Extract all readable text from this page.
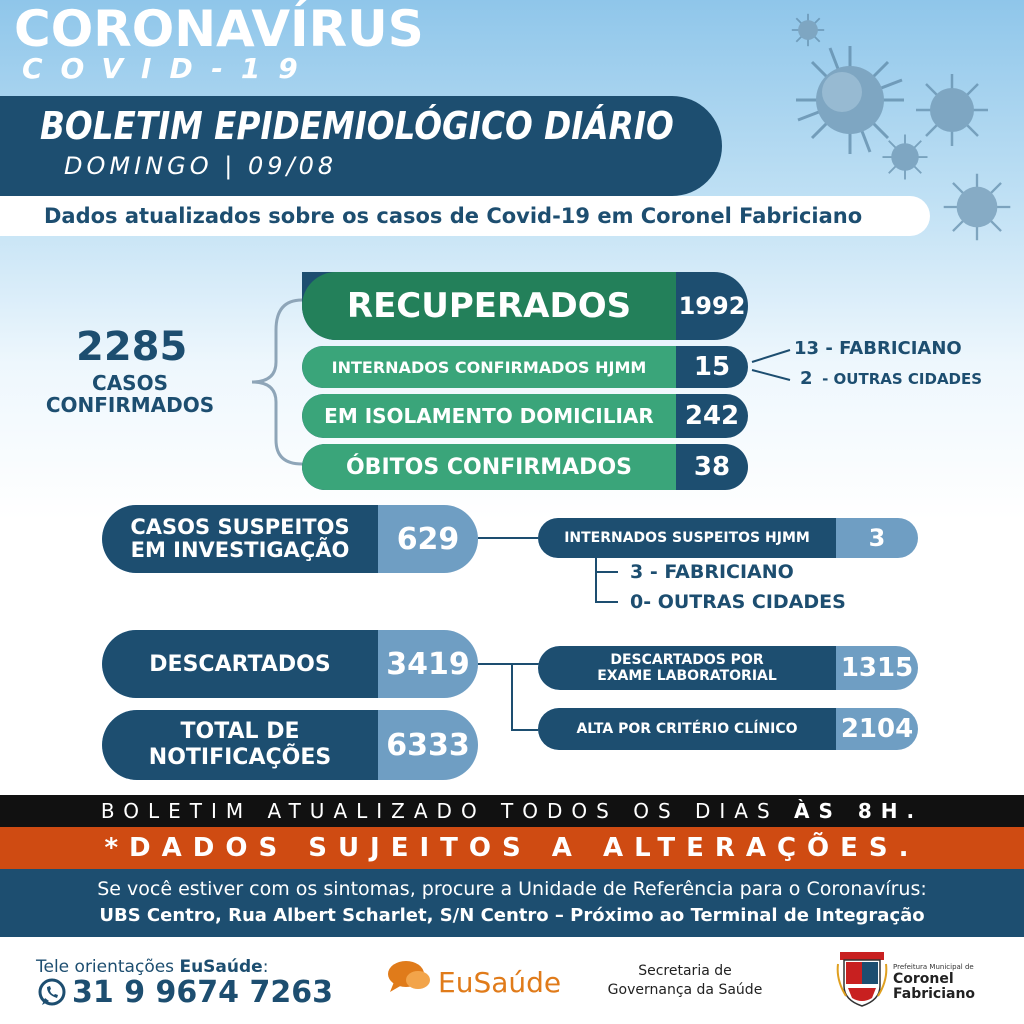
CORONAVÍRUS
COVID-19
BOLETIM EPIDEMIOLÓGICO DIÁRIO
DOMINGO | 09/08
Dados atualizados sobre os casos de Covid-19 em Coronel Fabriciano
2285
CASOS CONFIRMADOS
RECUPERADOS	1992
INTERNADOS CONFIRMADOS HJMM	15
EM ISOLAMENTO DOMICILIAR	242
ÓBITOS CONFIRMADOS	38
13 - FABRICIANO
2 - OUTRAS CIDADES
CASOS SUSPEITOS EM INVESTIGAÇÃO	629	INTERNADOS SUSPEITOS HJMM	3
3 - FABRICIANO
0- OUTRAS CIDADES
DESCARTADOS	3419
TOTAL DE NOTIFICAÇÕES	6333
DESCARTADOS POR EXAME LABORATORIAL	1315
ALTA POR CRITÉRIO CLÍNICO	2104
BOLETIM ATUALIZADO TODOS OS DIAS ÀS 8H.
*DADOS SUJEITOS A ALTERAÇÕES.
Se você estiver com os sintomas, procure a Unidade de Referência para o Coronavírus:
UBS Centro, Rua Albert Scharlet, S/N Centro – Próximo ao Terminal de Integração
Tele orientações EuSaúde:
31 9 9674 7263	EuSaúde	Secretaria de Governança da Saúde
Prefeitura Municipal de
Coronel Fabriciano
